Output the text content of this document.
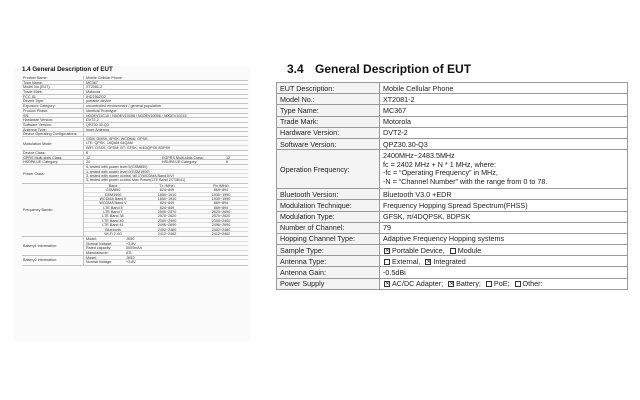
1.4 General Description of EUT
Product Name:	Mobile Cellular Phone
Type Name:	MC367
Model No.(EUT):	XT2081-2
Trade Mark:	Motorola
FCC ID:	IHDT56ZO2
Device Type:	portable device
Exposure Category:	uncontrolled environment / general population
Product Phase:	Identical Prototype
SN:	N0QEV11C10 / N0QEV10098 / N0QEV10096 / N0QEV10215
Hardware Version:	DVT2-2
Software Version:	QPZ30.30-Q3
Antenna Type:	Inner Antenna
Device Operating Configurations:
Modulation Mode:
GSM: GMSK, 8PSK; WCDMA: QPSK;
LTE: QPSK, 16QAM 64QAM
WiFi: DSSS, OFDM; BT: GFSK, π/4DQPSK,8DPSK
Device Class:	B
GPRS Multi-slots Class:	12	EGPRS Multi-slots Class:	12
HSDPA UE Category:	24	HSUPA UE Category:	6
Power Class:
4, tested with power level 5(GSM850)
1, tested with power level 0(GSM1900)
3, tested with power control “all 1”(WCDMA Band II/V)
3, tested with power control Max Power(LTE Band 2/7/38/41)
Frequency Bands:
Band	Tx (MHz)	Rx (MHz)
GSM850	824~849	869~894
GSM1900	1850~1910	1930~1990
WCDMA Band II	1850~1910	1930~1990
WCDMA Band V	824~849	869~894
LTE Band 5	824~849	869~894
LTE Band 7	2500~2570	2620~2690
LTE Band 38	2570~2620	2570~2620
LTE Band 40	2300~2400	2300~2400
LTE Band 41	2496~2690	2496~2690
Bluetooth	2402~2480	2402~2480
Wi-Fi 2.4G	2412~2462	2412~2462
Battery1 information:
Model:	JK50
Normal Voltage:	+3.8V
Rated capacity:	5000mAh
Manufacturer:	ATL
Battery2 information:
Model:	JK50
Normal Voltage:	+3.8V
3.4 General Description of EUT
EUT Description:	Mobile Cellular Phone
Model No.:	XT2081-2
Type Name:	MC367
Trade Mark:	Motorola
Hardware Version:	DVT2-2
Software Version:	QPZ30.30-Q3
Operation Frequency:	2400MHz~2483.5MHz
fc = 2402 MHz + N * 1 MHz, where:
-fc = “Operating Frequency” in MHz,
-N = “Channel Number” with the range from 0 to 78.

Bluetooth Version:	Bluetooth V3.0 +EDR
Modulation Technique:	Frequency Hopping Spread Spectrum(FHSS)
Modulation Type:	GFSK, π/4DQPSK, 8DPSK
Number of Channel:	79
Hopping Channel Type:	Adaptive Frequency Hopping systems
Sample Type:	✕Portable Device, Module
Antenna Type:	External, ✕ Integrated
Antenna Gain:	-0.5dBi
Power Supply	✕AC/DC Adapter; ✕ Battery; PoE; Other:
